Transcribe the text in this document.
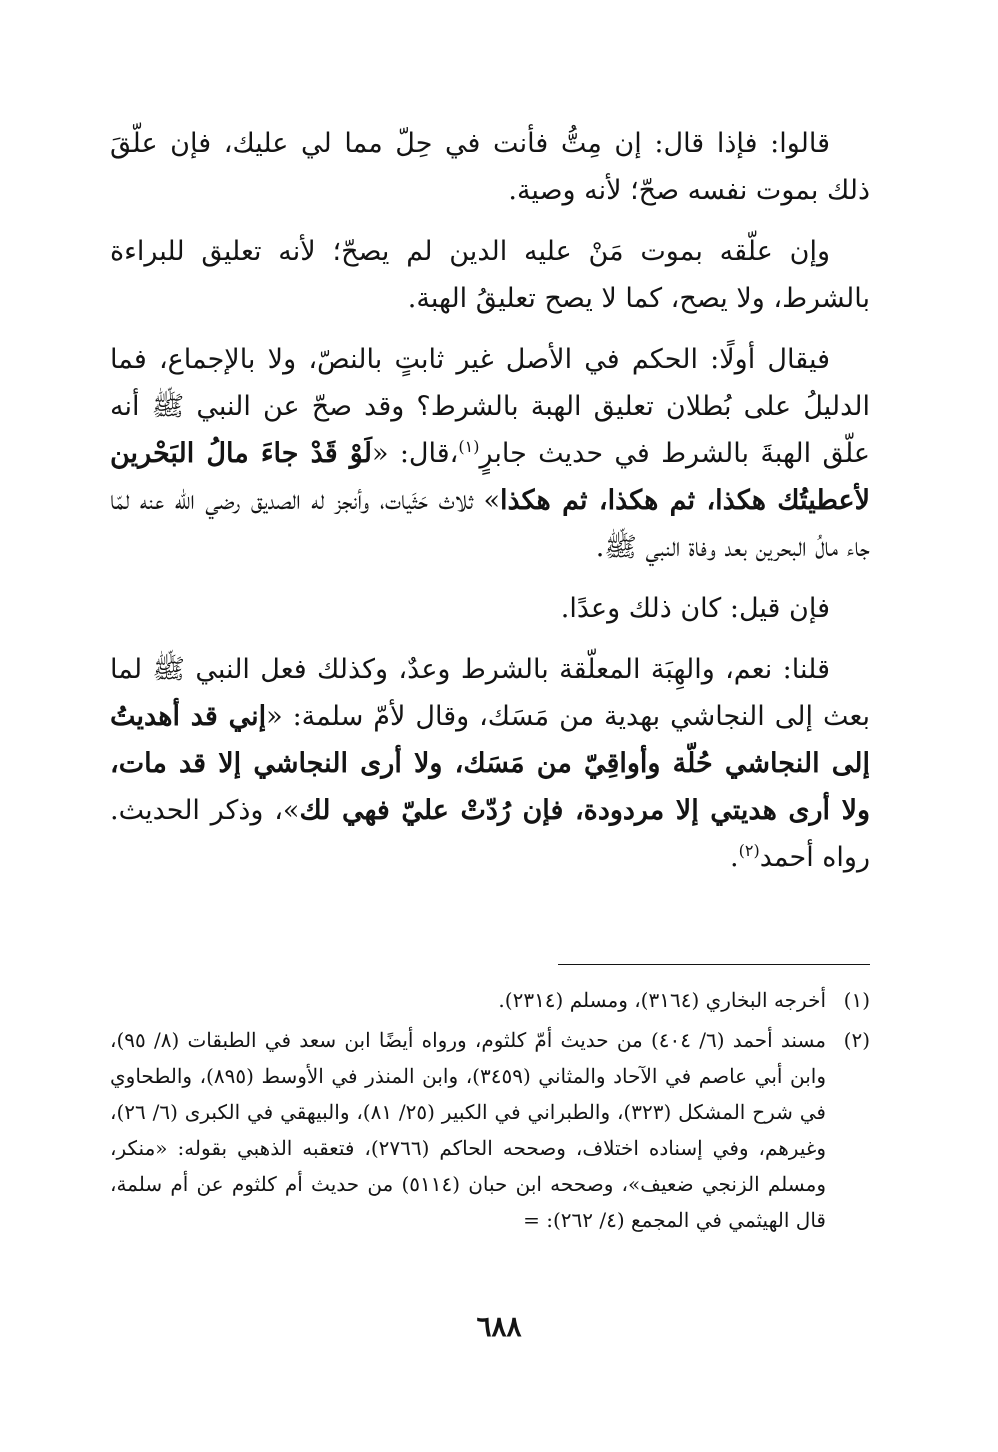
قالوا: فإذا قال: إن مِتُّ فأنت في حِلّ مما لي عليك، فإن علّقَ ذلك بموت نفسه صحّ؛ لأنه وصية.

وإن علّقه بموت مَنْ عليه الدين لم يصحّ؛ لأنه تعليق للبراءة بالشرط، ولا يصح، كما لا يصح تعليقُ الهبة.

فيقال أولًا: الحكم في الأصل غير ثابتٍ بالنصّ، ولا بالإجماع، فما الدليلُ على بُطلان تعليق الهبة بالشرط؟ وقد صحّ عن النبي ﷺ أنه علّق الهبةَ بالشرط في حديث جابرٍ$^{(١)}$،قال: «لَوْ قَدْ جاءَ مالُ البَحْرين لأعطيتُك هكذا، ثم هكذا، ثم هكذا» ثلاث حَثَيات، وأنجز له الصديق رضي الله عنه لمّا جاء مالُ البحرين بعد وفاة النبي ﷺ.

فإن قيل: كان ذلك وعدًا.

قلنا: نعم، والهِبَة المعلّقة بالشرط وعدٌ، وكذلك فعل النبي ﷺ لما بعث إلى النجاشي بهدية من مَسَك، وقال لأمّ سلمة: «إني قد أهديتُ إلى النجاشي حُلّة وأواقِيّ من مَسَك، ولا أرى النجاشي إلا قد مات، ولا أرى هديتي إلا مردودة، فإن رُدّتْ عليّ فهي لك»، وذكر الحديث. رواه أحمد$^{(٢)}$.

(١)
أخرجه البخاري (٣١٦٤)، ومسلم (٢٣١٤).
(٢)
مسند أحمد (٦/ ٤٠٤) من حديث أمّ كلثوم، ورواه أيضًا ابن سعد في الطبقات (٨/ ٩٥)، وابن أبي عاصم في الآحاد والمثاني (٣٤٥٩)، وابن المنذر في الأوسط (٨٩٥)، والطحاوي في شرح المشكل (٣٢٣)، والطبراني في الكبير (٢٥/ ٨١)، والبيهقي في الكبرى (٦/ ٢٦)، وغيرهم، وفي إسناده اختلاف، وصححه الحاكم (٢٧٦٦)، فتعقبه الذهبي بقوله: «منكر، ومسلم الزنجي ضعيف»، وصححه ابن حبان (٥١١٤) من حديث أم كلثوم عن أم سلمة، قال الهيثمي في المجمع (٤/ ٢٦٢): =
٦٨٨
